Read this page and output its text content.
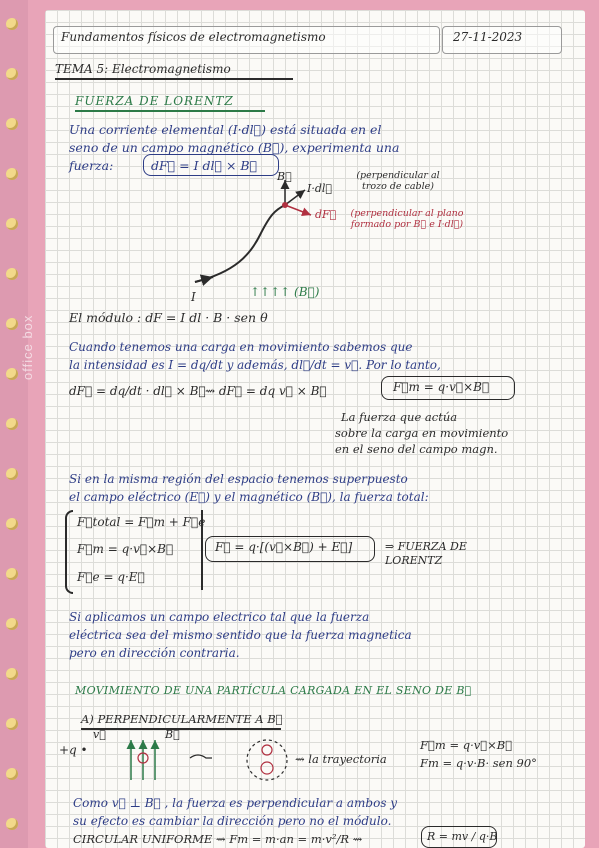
office box
Fundamentos físicos de electromagnetismo	27-11-2023
TEMA 5: Electromagnetismo
FUERZA DE LORENTZ
Una corriente elemental (I·dl⃗) está situada en el
seno de un campo magnético (B⃗), experimenta una
fuerza:	dF⃗ = I dl⃗ × B⃗
B⃗
I·dl⃗
(perpendicular al trozo de cable)
dF⃗	(perpendicular al plano formado por B⃗ e I·dl⃗)
I	↑↑↑↑ (B⃗)
El módulo : dF = I dl · B · sen θ
Cuando tenemos una carga en movimiento sabemos que
la intensidad es I = dq/dt y además, dl⃗/dt = v⃗. Por lo tanto,
dF⃗ = dq/dt · dl⃗ × B⃗ ⇝ dF⃗ = dq v⃗ × B⃗	F⃗m = q·v⃗×B⃗
La fuerza que actúa
sobre la carga en movimiento
en el seno del campo magn.
Si en la misma región del espacio tenemos superpuesto
el campo eléctrico (E⃗) y el magnético (B⃗), la fuerza total:
F⃗total = F⃗m + F⃗e
F⃗m = q·v⃗×B⃗
F⃗e = q·E⃗
F⃗ = q·[(v⃗×B⃗) + E⃗]	⇒ FUERZA DE LORENTZ
Si aplicamos un campo electrico tal que la fuerza
eléctrica sea del mismo sentido que la fuerza magnetica
pero en dirección contraria.
MOVIMIENTO DE UNA PARTÍCULA CARGADA EN EL SENO DE B⃗
A) PERPENDICULARMENTE A B⃗
+q •
v⃗	B⃗
⇝ la trayectoria
F⃗m = q·v⃗×B⃗
Fm = q·v·B· sen 90°
Como v⃗ ⊥ B⃗ , la fuerza es perpendicular a ambos y
su efecto es cambiar la dirección pero no el módulo.
CIRCULAR UNIFORME ⇝ Fm = m·an = m·v²/R ⇝	R = mv / q·B
